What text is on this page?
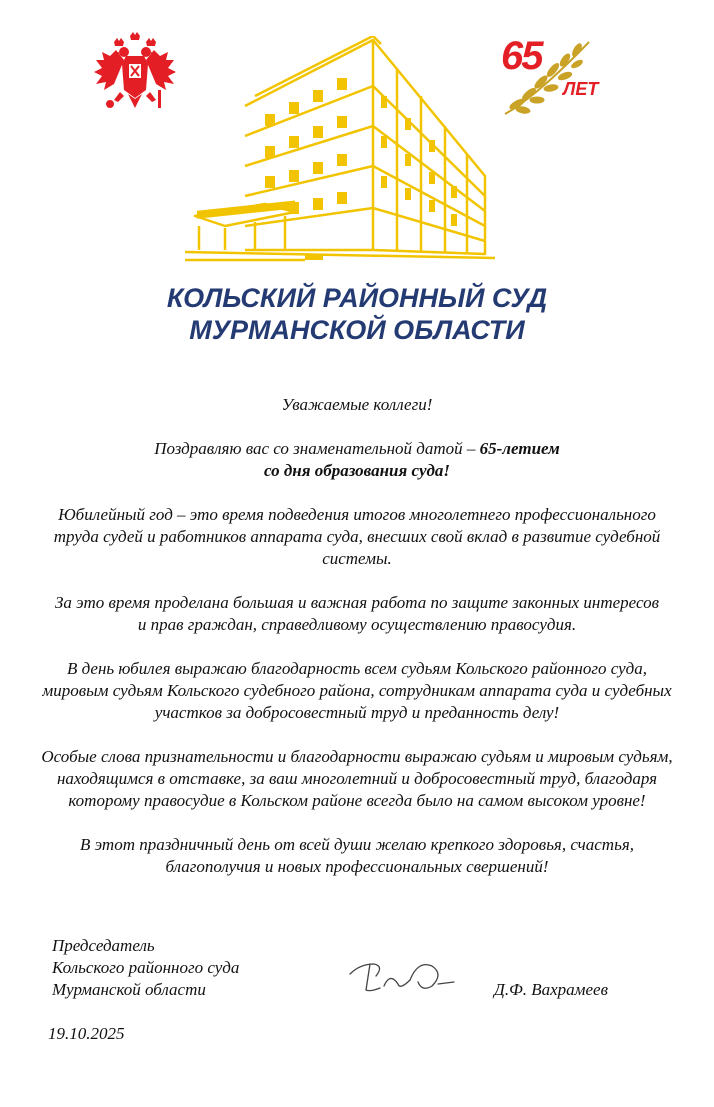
65
ЛЕТ
КОЛЬСКИЙ РАЙОННЫЙ СУД
МУРМАНСКОЙ ОБЛАСТИ

Уважаемые коллеги!

Поздравляю вас со знаменательной датой – 65-летием
со дня образования суда!

Юбилейный год – это время подведения итогов многолетнего профессионального труда судей и работников аппарата суда, внесших свой вклад в развитие судебной системы.

За это время проделана большая и важная работа по защите законных интересов и прав граждан, справедливому осуществлению правосудия.

В день юбилея выражаю благодарность всем судьям Кольского районного суда, мировым судьям Кольского судебного района, сотрудникам аппарата суда и судебных участков за добросовестный труд и преданность делу!

Особые слова признательности и благодарности выражаю судьям и мировым судьям, находящимся в отставке, за ваш многолетний и добросовестный труд, благодаря которому правосудие в Кольском районе всегда было на самом высоком уровне!

В этот праздничный день от всей души желаю крепкого здоровья, счастья, благополучия и новых профессиональных свершений!

Председатель
Кольского районного суда
Мурманской области	Д.Ф. Вахрамеев
19.10.2025
